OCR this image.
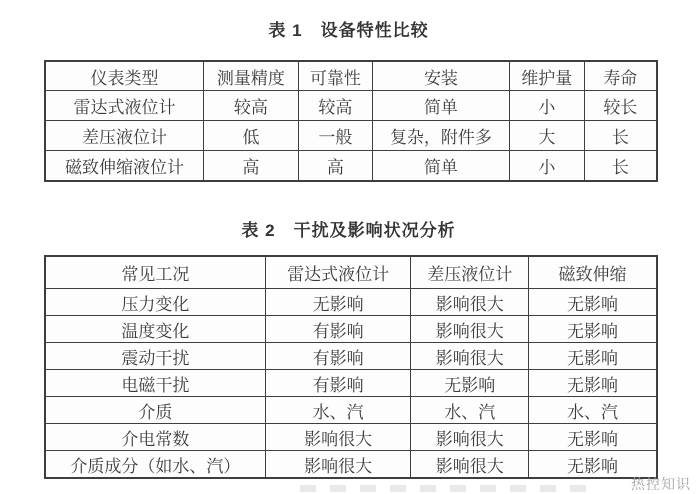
表 1　设备特性比较
仪表类型	测量精度	可靠性	安装	维护量	寿命
雷达式液位计	较高	较高	简单	小	较长
差压液位计	低	一般	复杂，附件多	大	长
磁致伸缩液位计	高	高	简单	小	长
表 2　干扰及影响状况分析
常见工况	雷达式液位计	差压液位计	磁致伸缩
压力变化	无影响	影响很大	无影响
温度变化	有影响	影响很大	无影响
震动干扰	有影响	影响很大	无影响
电磁干扰	有影响	无影响	无影响
介质	水、汽	水、汽	水、汽
介电常数	影响很大	影响很大	无影响
介质成分（如水、汽）	影响很大	影响很大	无影响
热控知识
